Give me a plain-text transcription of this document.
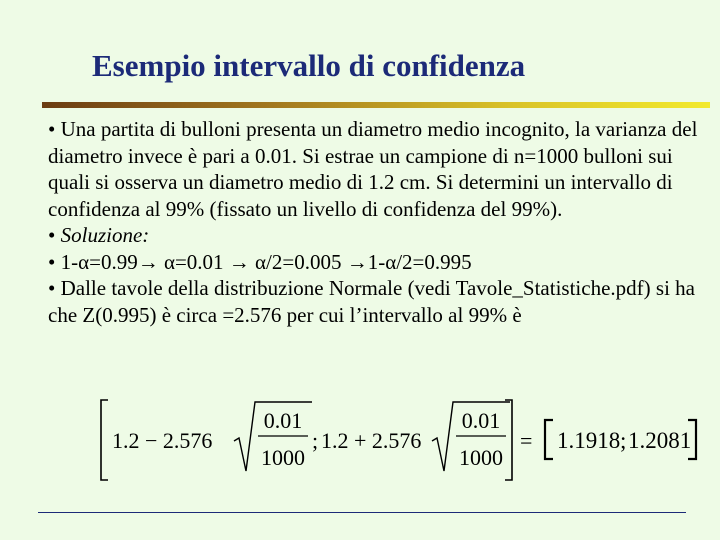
Esempio intervallo di confidenza

• Una partita di bulloni presenta un diametro medio incognito, la varianza del diametro invece è pari a 0.01. Si estrae un campione di n=1000 bulloni sui quali si osserva un diametro medio di 1.2 cm. Si determini un intervallo di confidenza al 99% (fissato un livello di confidenza del 99%).

• Soluzione:

• 1-α=0.99→ α=0.01 → α/2=0.005 →1-α/2=0.995

• Dalle tavole della distribuzione Normale (vedi Tavole_Statistiche.pdf) si ha che Z(0.995) è circa =2.576 per cui l’intervallo al 99% è

1.2 − 2.576
0.01
1000
; 1.2 + 2.576
0.01
1000
= 1.1918 ; 1.2081
